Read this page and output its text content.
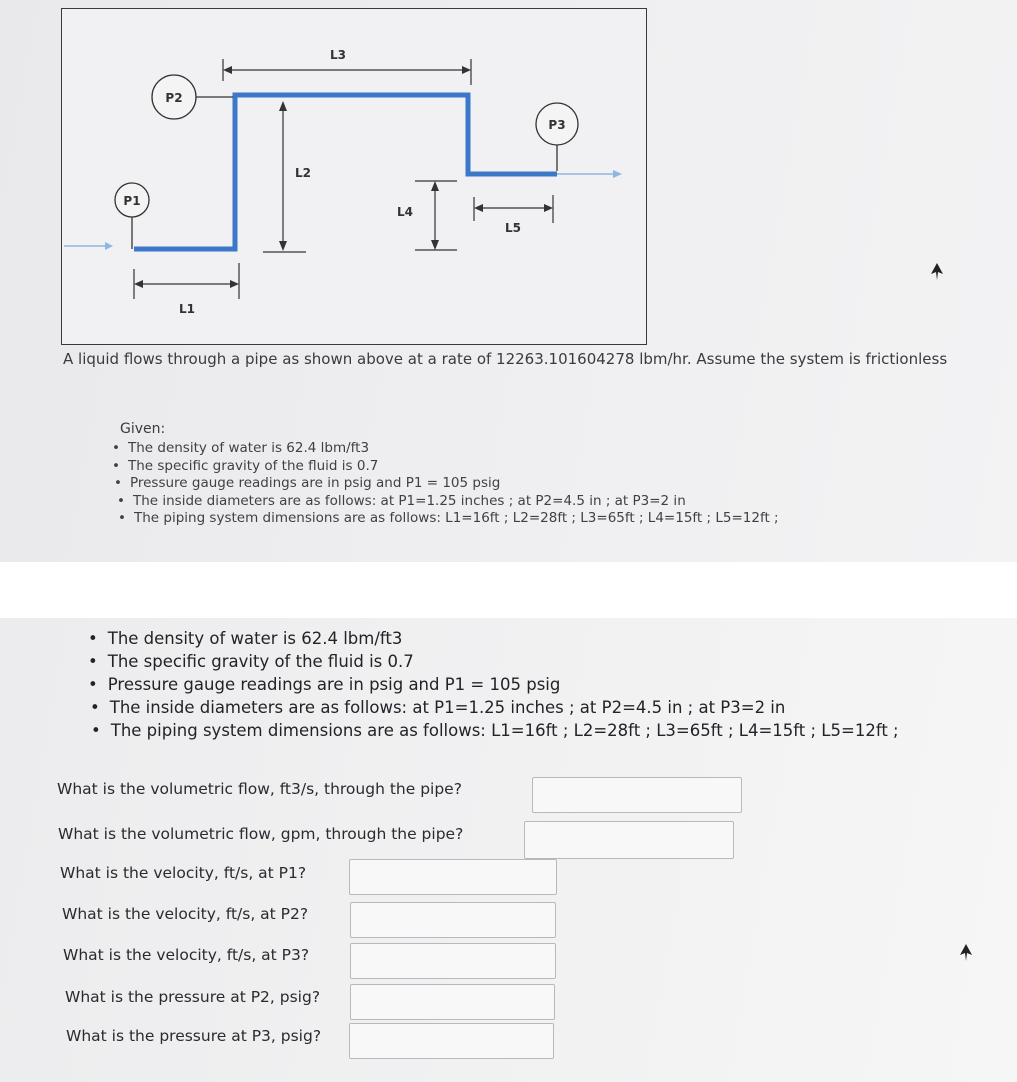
P1
P2
P3
L1
L2
L3
L4
L5
A liquid flows through a pipe as shown above at a rate of 12263.101604278 lbm/hr. Assume the system is frictionless
Given:
• The density of water is 62.4 lbm/ft3
• The specific gravity of the fluid is 0.7
• Pressure gauge readings are in psig and P1 = 105 psig
• The inside diameters are as follows: at P1=1.25 inches ; at P2=4.5 in ; at P3=2 in
• The piping system dimensions are as follows: L1=16ft ; L2=28ft ; L3=65ft ; L4=15ft ; L5=12ft ;
• The density of water is 62.4 lbm/ft3
• The specific gravity of the fluid is 0.7
• Pressure gauge readings are in psig and P1 = 105 psig
• The inside diameters are as follows: at P1=1.25 inches ; at P2=4.5 in ; at P3=2 in
• The piping system dimensions are as follows: L1=16ft ; L2=28ft ; L3=65ft ; L4=15ft ; L5=12ft ;
What is the volumetric flow, ft3/s, through the pipe?
What is the volumetric flow, gpm, through the pipe?
What is the velocity, ft/s, at P1?
What is the velocity, ft/s, at P2?
What is the velocity, ft/s, at P3?
What is the pressure at P2, psig?
What is the pressure at P3, psig?
